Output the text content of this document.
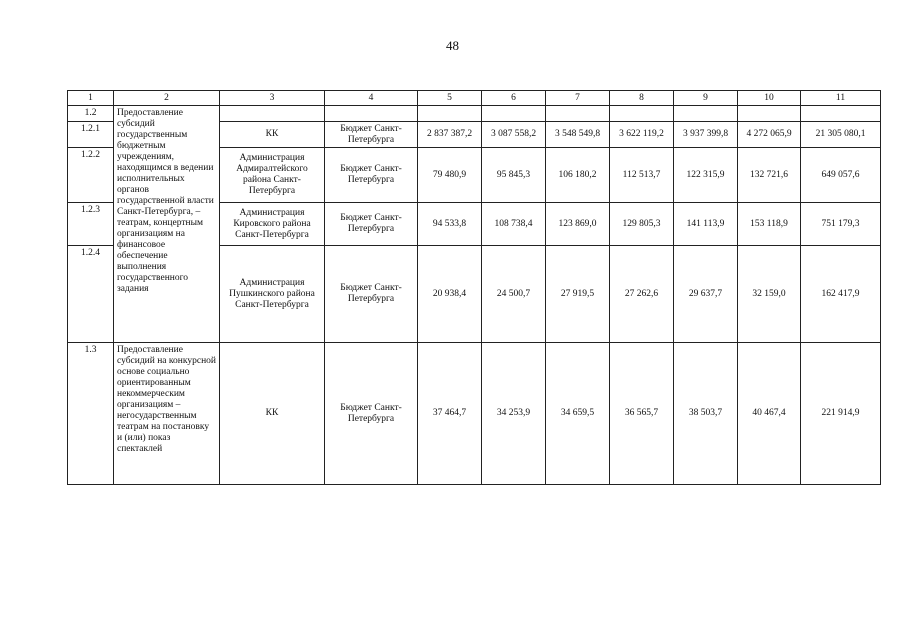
48
1	2	3	4	5	6	7	8	9	10	11
1.2	Предоставление субсидий государственным бюджетным учреждениям, находящимся в ведении исполнительных органов государственной власти Санкт-Петербурга, – театрам, концертным организациям на финансовое обеспечение выполнения государственного задания									
1.2.1		КК	Бюджет Санкт-Петербурга	2 837 387,2	3 087 558,2	3 548 549,8	3 622 119,2	3 937 399,8	4 272 065,9	21 305 080,1
1.2.2		Администрация Адмиралтейского района Санкт-Петербурга	Бюджет Санкт-Петербурга	79 480,9	95 845,3	106 180,2	112 513,7	122 315,9	132 721,6	649 057,6
1.2.3		Администрация Кировского района Санкт-Петербурга	Бюджет Санкт-Петербурга	94 533,8	108 738,4	123 869,0	129 805,3	141 113,9	153 118,9	751 179,3
1.2.4		Администрация Пушкинского района Санкт-Петербурга	Бюджет Санкт-Петербурга	20 938,4	24 500,7	27 919,5	27 262,6	29 637,7	32 159,0	162 417,9
1.3	Предоставление субсидий на конкурсной основе социально ориентированным некоммерческим организациям – негосударственным театрам на постановку и (или) показ спектаклей	КК	Бюджет Санкт-Петербурга	37 464,7	34 253,9	34 659,5	36 565,7	38 503,7	40 467,4	221 914,9
